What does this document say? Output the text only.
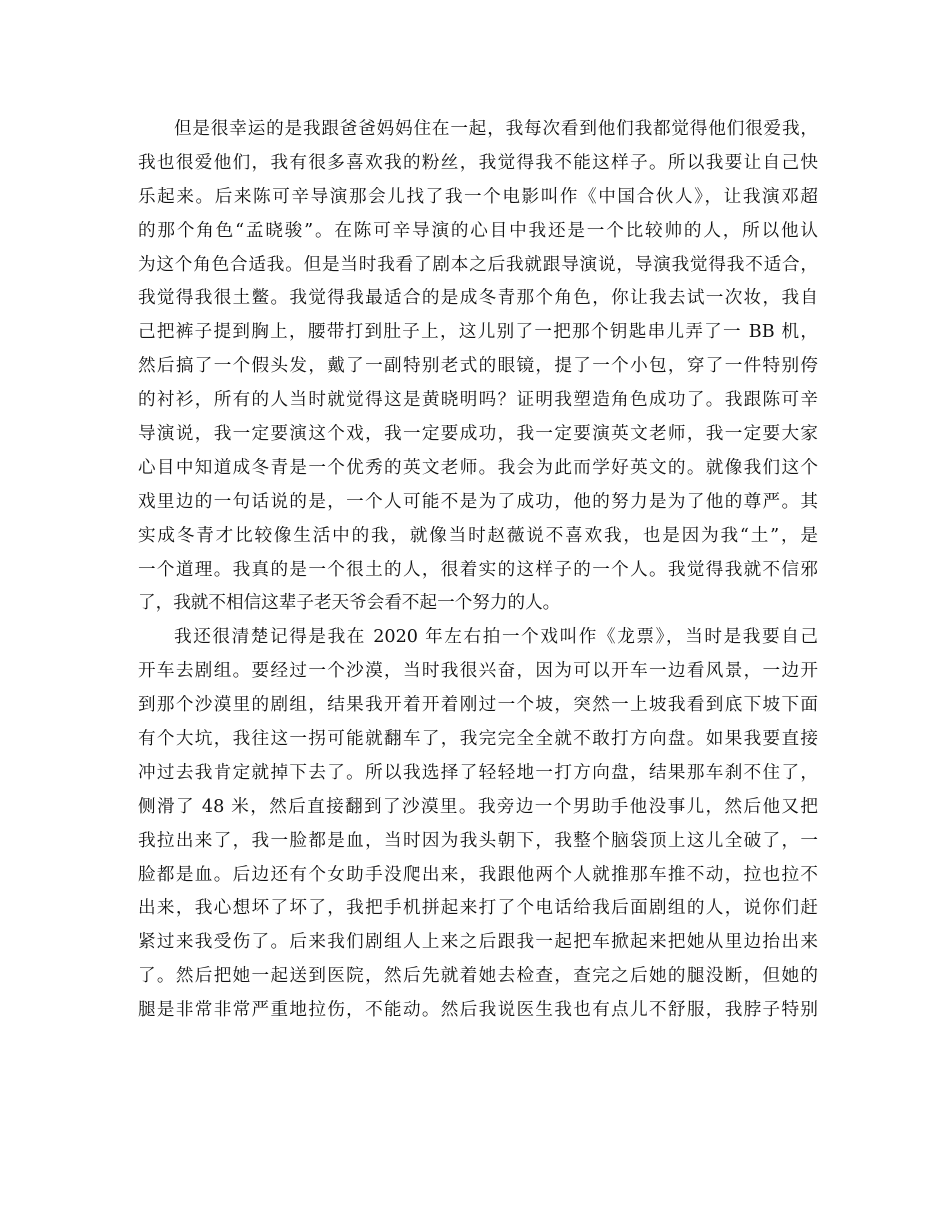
但是很幸运的是我跟爸爸妈妈住在一起，我每次看到他们我都觉得他们很爱我，
我也很爱他们，我有很多喜欢我的粉丝，我觉得我不能这样子。所以我要让自己快
乐起来。后来陈可辛导演那会儿找了我一个电影叫作《中国合伙人》，让我演邓超
的那个角色“孟晓骏”。在陈可辛导演的心目中我还是一个比较帅的人，所以他认
为这个角色合适我。但是当时我看了剧本之后我就跟导演说，导演我觉得我不适合，
我觉得我很土鳖。我觉得我最适合的是成冬青那个角色，你让我去试一次妆，我自
己把裤子提到胸上，腰带打到肚子上，这儿别了一把那个钥匙串儿弄了一 BB 机，
然后搞了一个假头发，戴了一副特别老式的眼镜，提了一个小包，穿了一件特别侉
的衬衫，所有的人当时就觉得这是黄晓明吗？证明我塑造角色成功了。我跟陈可辛
导演说，我一定要演这个戏，我一定要成功，我一定要演英文老师，我一定要大家
心目中知道成冬青是一个优秀的英文老师。我会为此而学好英文的。就像我们这个
戏里边的一句话说的是，一个人可能不是为了成功，他的努力是为了他的尊严。其
实成冬青才比较像生活中的我，就像当时赵薇说不喜欢我，也是因为我“土”，是
一个道理。我真的是一个很土的人，很着实的这样子的一个人。我觉得我就不信邪
了，我就不相信这辈子老天爷会看不起一个努力的人。
我还很清楚记得是我在 2020 年左右拍一个戏叫作《龙票》，当时是我要自己
开车去剧组。要经过一个沙漠，当时我很兴奋，因为可以开车一边看风景，一边开
到那个沙漠里的剧组，结果我开着开着刚过一个坡，突然一上坡我看到底下坡下面
有个大坑，我往这一拐可能就翻车了，我完完全全就不敢打方向盘。如果我要直接
冲过去我肯定就掉下去了。所以我选择了轻轻地一打方向盘，结果那车刹不住了，
侧滑了 48 米，然后直接翻到了沙漠里。我旁边一个男助手他没事儿，然后他又把
我拉出来了，我一脸都是血，当时因为我头朝下，我整个脑袋顶上这儿全破了，一
脸都是血。后边还有个女助手没爬出来，我跟他两个人就推那车推不动，拉也拉不
出来，我心想坏了坏了，我把手机拼起来打了个电话给我后面剧组的人，说你们赶
紧过来我受伤了。后来我们剧组人上来之后跟我一起把车掀起来把她从里边抬出来
了。然后把她一起送到医院，然后先就着她去检查，查完之后她的腿没断，但她的
腿是非常非常严重地拉伤，不能动。然后我说医生我也有点儿不舒服，我脖子特别
